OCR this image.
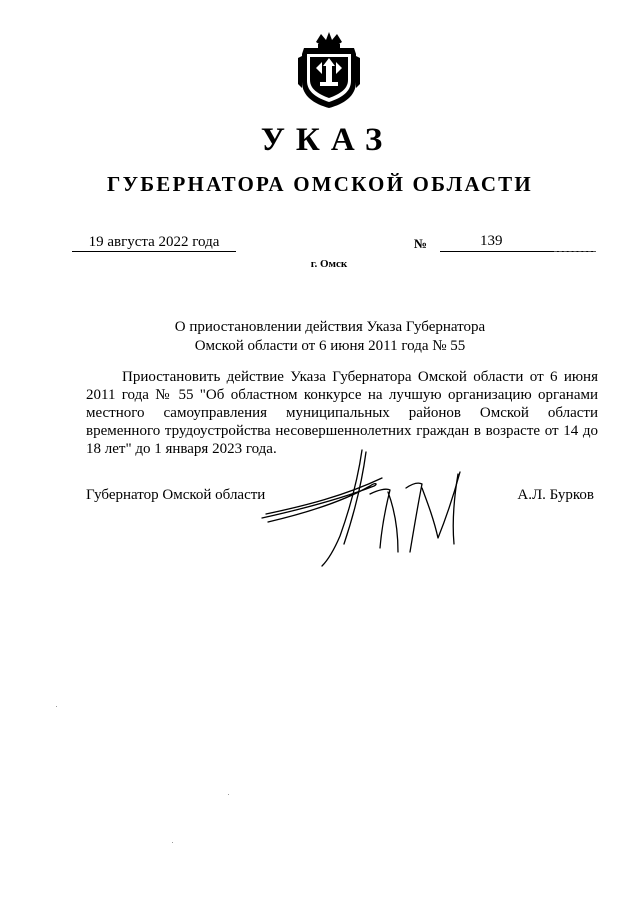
УКАЗ
ГУБЕРНАТОРА ОМСКОЙ ОБЛАСТИ
19 августа 2022 года	№	139
г. Омск
О приостановлении действия Указа Губернатора
Омской области от 6 июня 2011 года № 55
Приостановить действие Указа Губернатора Омской области от 6 июня 2011 года № 55 "Об областном конкурсе на лучшую организацию органами местного самоуправления муниципальных районов Омской области временного трудоустройства несовершеннолетних граждан в возрасте от 14 до 18 лет" до 1 января 2023 года.
Губернатор Омской области	А.Л. Бурков
